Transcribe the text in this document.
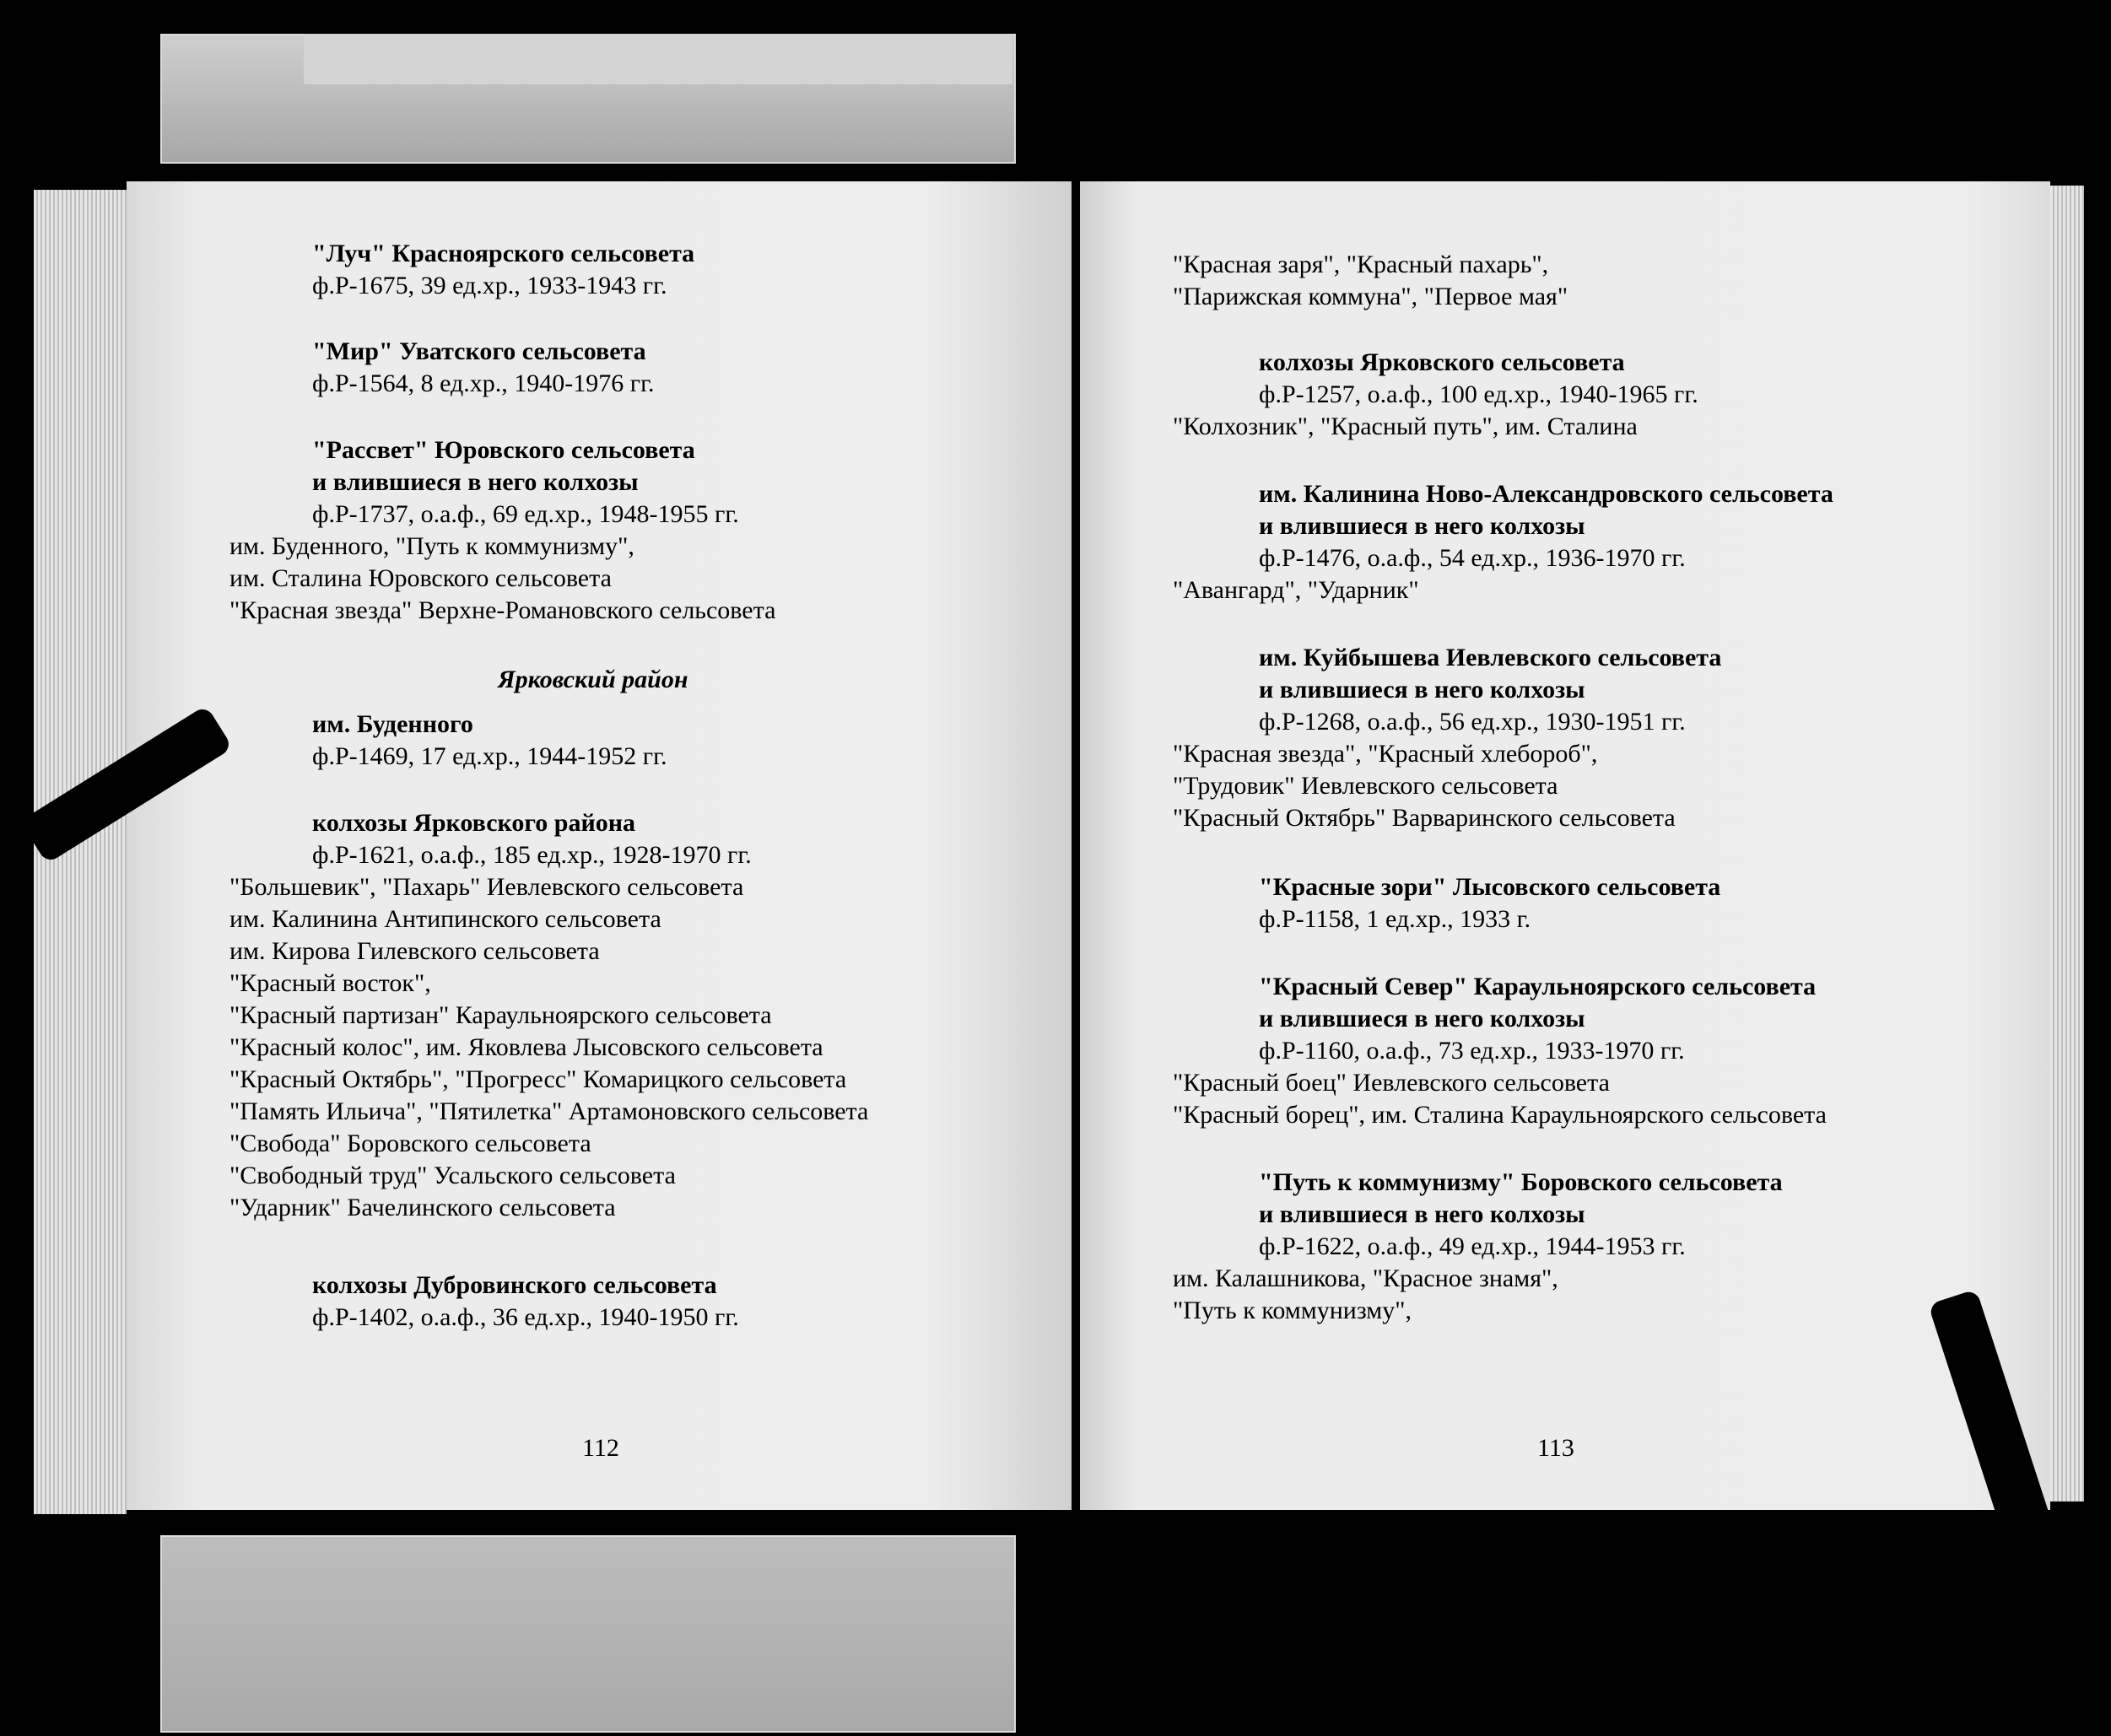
"Луч" Красноярского сельсовета
ф.Р-1675, 39 ед.хр., 1933-1943 гг.
"Мир" Уватского сельсовета
ф.Р-1564, 8 ед.хр., 1940-1976 гг.
"Рассвет" Юровского сельсовета
и влившиеся в него колхозы
ф.Р-1737, о.а.ф., 69 ед.хр., 1948-1955 гг.
им. Буденного, "Путь к коммунизму",
им. Сталина Юровского сельсовета
"Красная звезда" Верхне-Романовского сельсовета
Ярковский район
им. Буденного
ф.Р-1469, 17 ед.хр., 1944-1952 гг.
колхозы Ярковского района
ф.Р-1621, о.а.ф., 185 ед.хр., 1928-1970 гг.
"Большевик", "Пахарь" Иевлевского сельсовета
им. Калинина Антипинского сельсовета
им. Кирова Гилевского сельсовета
"Красный восток",
"Красный партизан" Караульноярского сельсовета
"Красный колос", им. Яковлева Лысовского сельсовета
"Красный Октябрь", "Прогресс" Комарицкого сельсовета
"Память Ильича", "Пятилетка" Артамоновского сельсовета
"Свобода" Боровского сельсовета
"Свободный труд" Усальского сельсовета
"Ударник" Бачелинского сельсовета
колхозы Дубровинского сельсовета
ф.Р-1402, о.а.ф., 36 ед.хр., 1940-1950 гг.
"Красная заря", "Красный пахарь",
"Парижская коммуна", "Первое мая"
колхозы Ярковского сельсовета
ф.Р-1257, о.а.ф., 100 ед.хр., 1940-1965 гг.
"Колхозник", "Красный путь", им. Сталина
им. Калинина Ново-Александровского сельсовета
и влившиеся в него колхозы
ф.Р-1476, о.а.ф., 54 ед.хр., 1936-1970 гг.
"Авангард", "Ударник"
им. Куйбышева Иевлевского сельсовета
и влившиеся в него колхозы
ф.Р-1268, о.а.ф., 56 ед.хр., 1930-1951 гг.
"Красная звезда", "Красный хлебороб",
"Трудовик" Иевлевского сельсовета
"Красный Октябрь" Варваринского сельсовета
"Красные зори" Лысовского сельсовета
ф.Р-1158, 1 ед.хр., 1933 г.
"Красный Север" Караульноярского сельсовета
и влившиеся в него колхозы
ф.Р-1160, о.а.ф., 73 ед.хр., 1933-1970 гг.
"Красный боец" Иевлевского сельсовета
"Красный борец", им. Сталина Караульноярского сельсовета
"Путь к коммунизму" Боровского сельсовета
и влившиеся в него колхозы
ф.Р-1622, о.а.ф., 49 ед.хр., 1944-1953 гг.
им. Калашникова, "Красное знамя",
"Путь к коммунизму",
112	113
